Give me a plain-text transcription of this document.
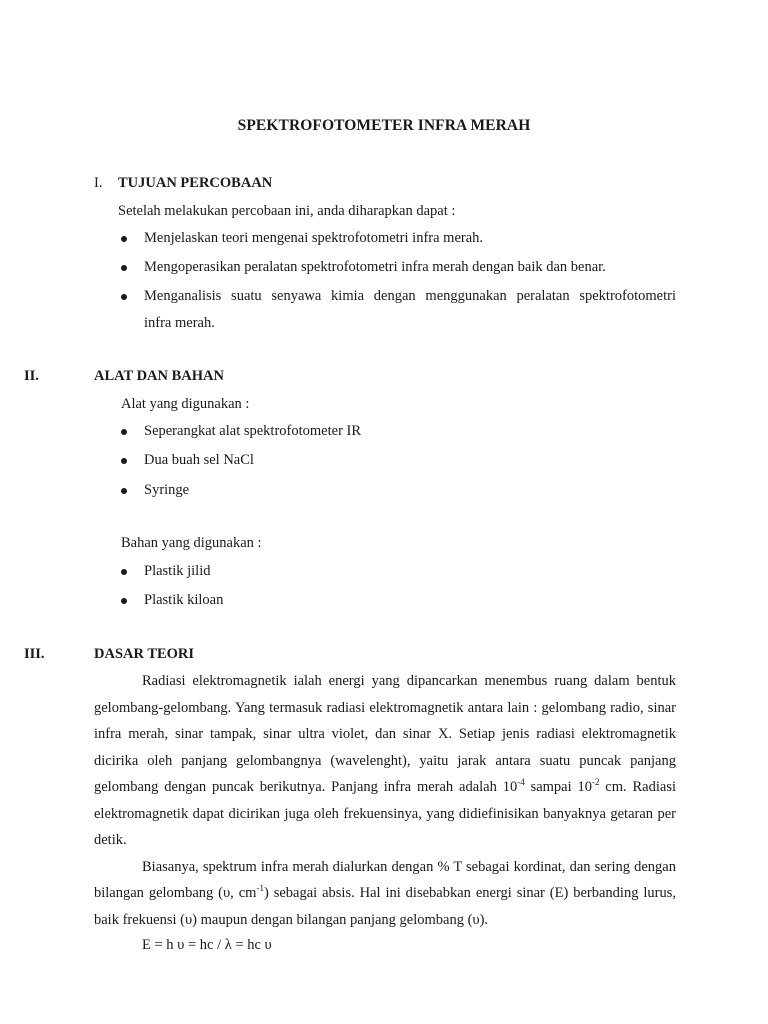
SPEKTROFOTOMETER INFRA MERAH
I. TUJUAN PERCOBAAN
Setelah melakukan percobaan ini, anda diharapkan dapat :
Menjelaskan teori mengenai spektrofotometri infra merah.
Mengoperasikan peralatan spektrofotometri infra merah dengan baik dan benar.
Menganalisis suatu senyawa kimia dengan menggunakan peralatan spektrofotometri
infra merah.
II.	ALAT DAN BAHAN
Alat yang digunakan :
Seperangkat alat spektrofotometer IR
Dua buah sel NaCl
Syringe
Bahan yang digunakan :
Plastik jilid
Plastik kiloan
III.	DASAR TEORI

Radiasi elektromagnetik ialah energi yang dipancarkan menembus ruang dalam bentuk gelombang-gelombang. Yang termasuk radiasi elektromagnetik antara lain : gelombang radio, sinar infra merah, sinar tampak, sinar ultra violet, dan sinar X. Setiap jenis radiasi elektromagnetik dicirika oleh panjang gelombangnya (wavelenght), yaitu jarak antara suatu puncak panjang gelombang dengan puncak berikutnya. Panjang infra merah adalah $10^{-4}$ sampai $10^{-2}$ cm. Radiasi elektromagnetik dapat dicirikan juga oleh frekuensinya, yang didiefinisikan banyaknya getaran per detik.

Biasanya, spektrum infra merah dialurkan dengan % T sebagai kordinat, dan sering dengan bilangan gelombang (υ, $cm^{-1}$) sebagai absis. Hal ini disebabkan energi sinar (E) berbanding lurus, baik frekuensi (υ) maupun dengan bilangan panjang gelombang (υ).

E = h υ = hc / λ = hc υ
